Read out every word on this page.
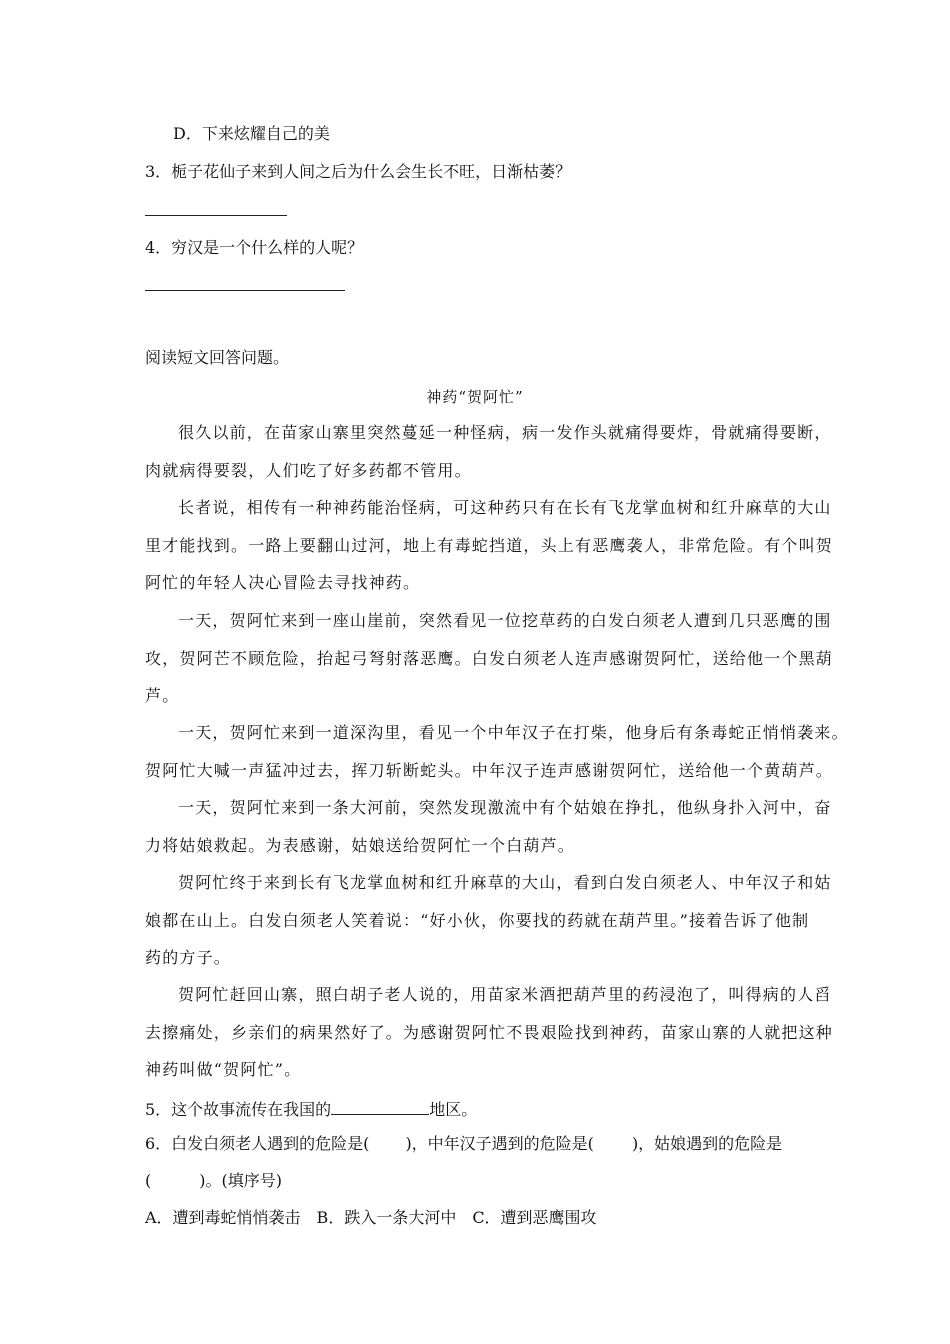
D．下来炫耀自己的美
3．栀子花仙子来到人间之后为什么会生长不旺，日渐枯萎？
4．穷汉是一个什么样的人呢？
阅读短文回答问题。
神药“贺阿忙”
很久以前，在苗家山寨里突然蔓延一种怪病，病一发作头就痛得要炸，骨就痛得要断，
肉就病得要裂，人们吃了好多药都不管用。
长者说，相传有一种神药能治怪病，可这种药只有在长有飞龙掌血树和红升麻草的大山
里才能找到。一路上要翻山过河，地上有毒蛇挡道，头上有恶鹰袭人，非常危险。有个叫贺
阿忙的年轻人决心冒险去寻找神药。
一天，贺阿忙来到一座山崖前，突然看见一位挖草药的白发白须老人遭到几只恶鹰的围
攻，贺阿芒不顾危险，抬起弓弩射落恶鹰。白发白须老人连声感谢贺阿忙，送给他一个黑葫
芦。
一天，贺阿忙来到一道深沟里，看见一个中年汉子在打柴，他身后有条毒蛇正悄悄袭来。
贺阿忙大喊一声猛冲过去，挥刀斩断蛇头。中年汉子连声感谢贺阿忙，送给他一个黄葫芦。
一天，贺阿忙来到一条大河前，突然发现激流中有个姑娘在挣扎，他纵身扑入河中，奋
力将姑娘救起。为表感谢，姑娘送给贺阿忙一个白葫芦。
贺阿忙终于来到长有飞龙掌血树和红升麻草的大山，看到白发白须老人、中年汉子和姑
娘都在山上。白发白须老人笑着说：“好小伙，你要找的药就在葫芦里。”接着告诉了他制
药的方子。
贺阿忙赶回山寨，照白胡子老人说的，用苗家米酒把葫芦里的药浸泡了，叫得病的人舀
去擦痛处，乡亲们的病果然好了。为感谢贺阿忙不畏艰险找到神药，苗家山寨的人就把这种
神药叫做“贺阿忙”。
5．这个故事流传在我国的	地区。
6．白发白须老人遇到的危险是( )，中年汉子遇到的危险是( )，姑娘遇到的危险是
(	)。(填序号)
A．遭到毒蛇悄悄袭击　B．跌入一条大河中　C．遭到恶鹰围攻
